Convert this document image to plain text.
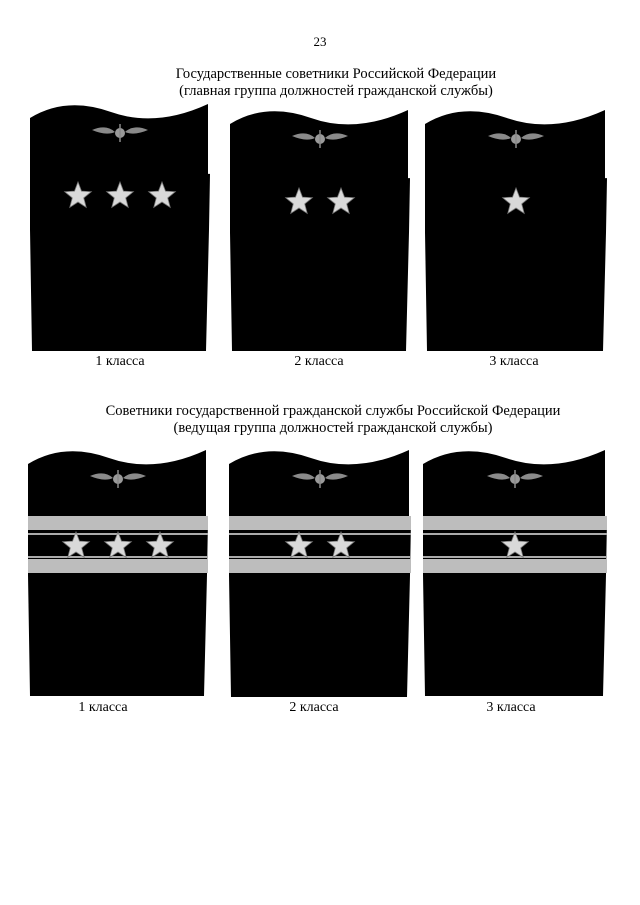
23
Государственные советники Российской Федерации
(главная группа должностей гражданской службы)
Советники государственной гражданской службы Российской Федерации
(ведущая группа должностей гражданской службы)
1 класса	2 класса	3 класса
1 класса	2 класса	3 класса
